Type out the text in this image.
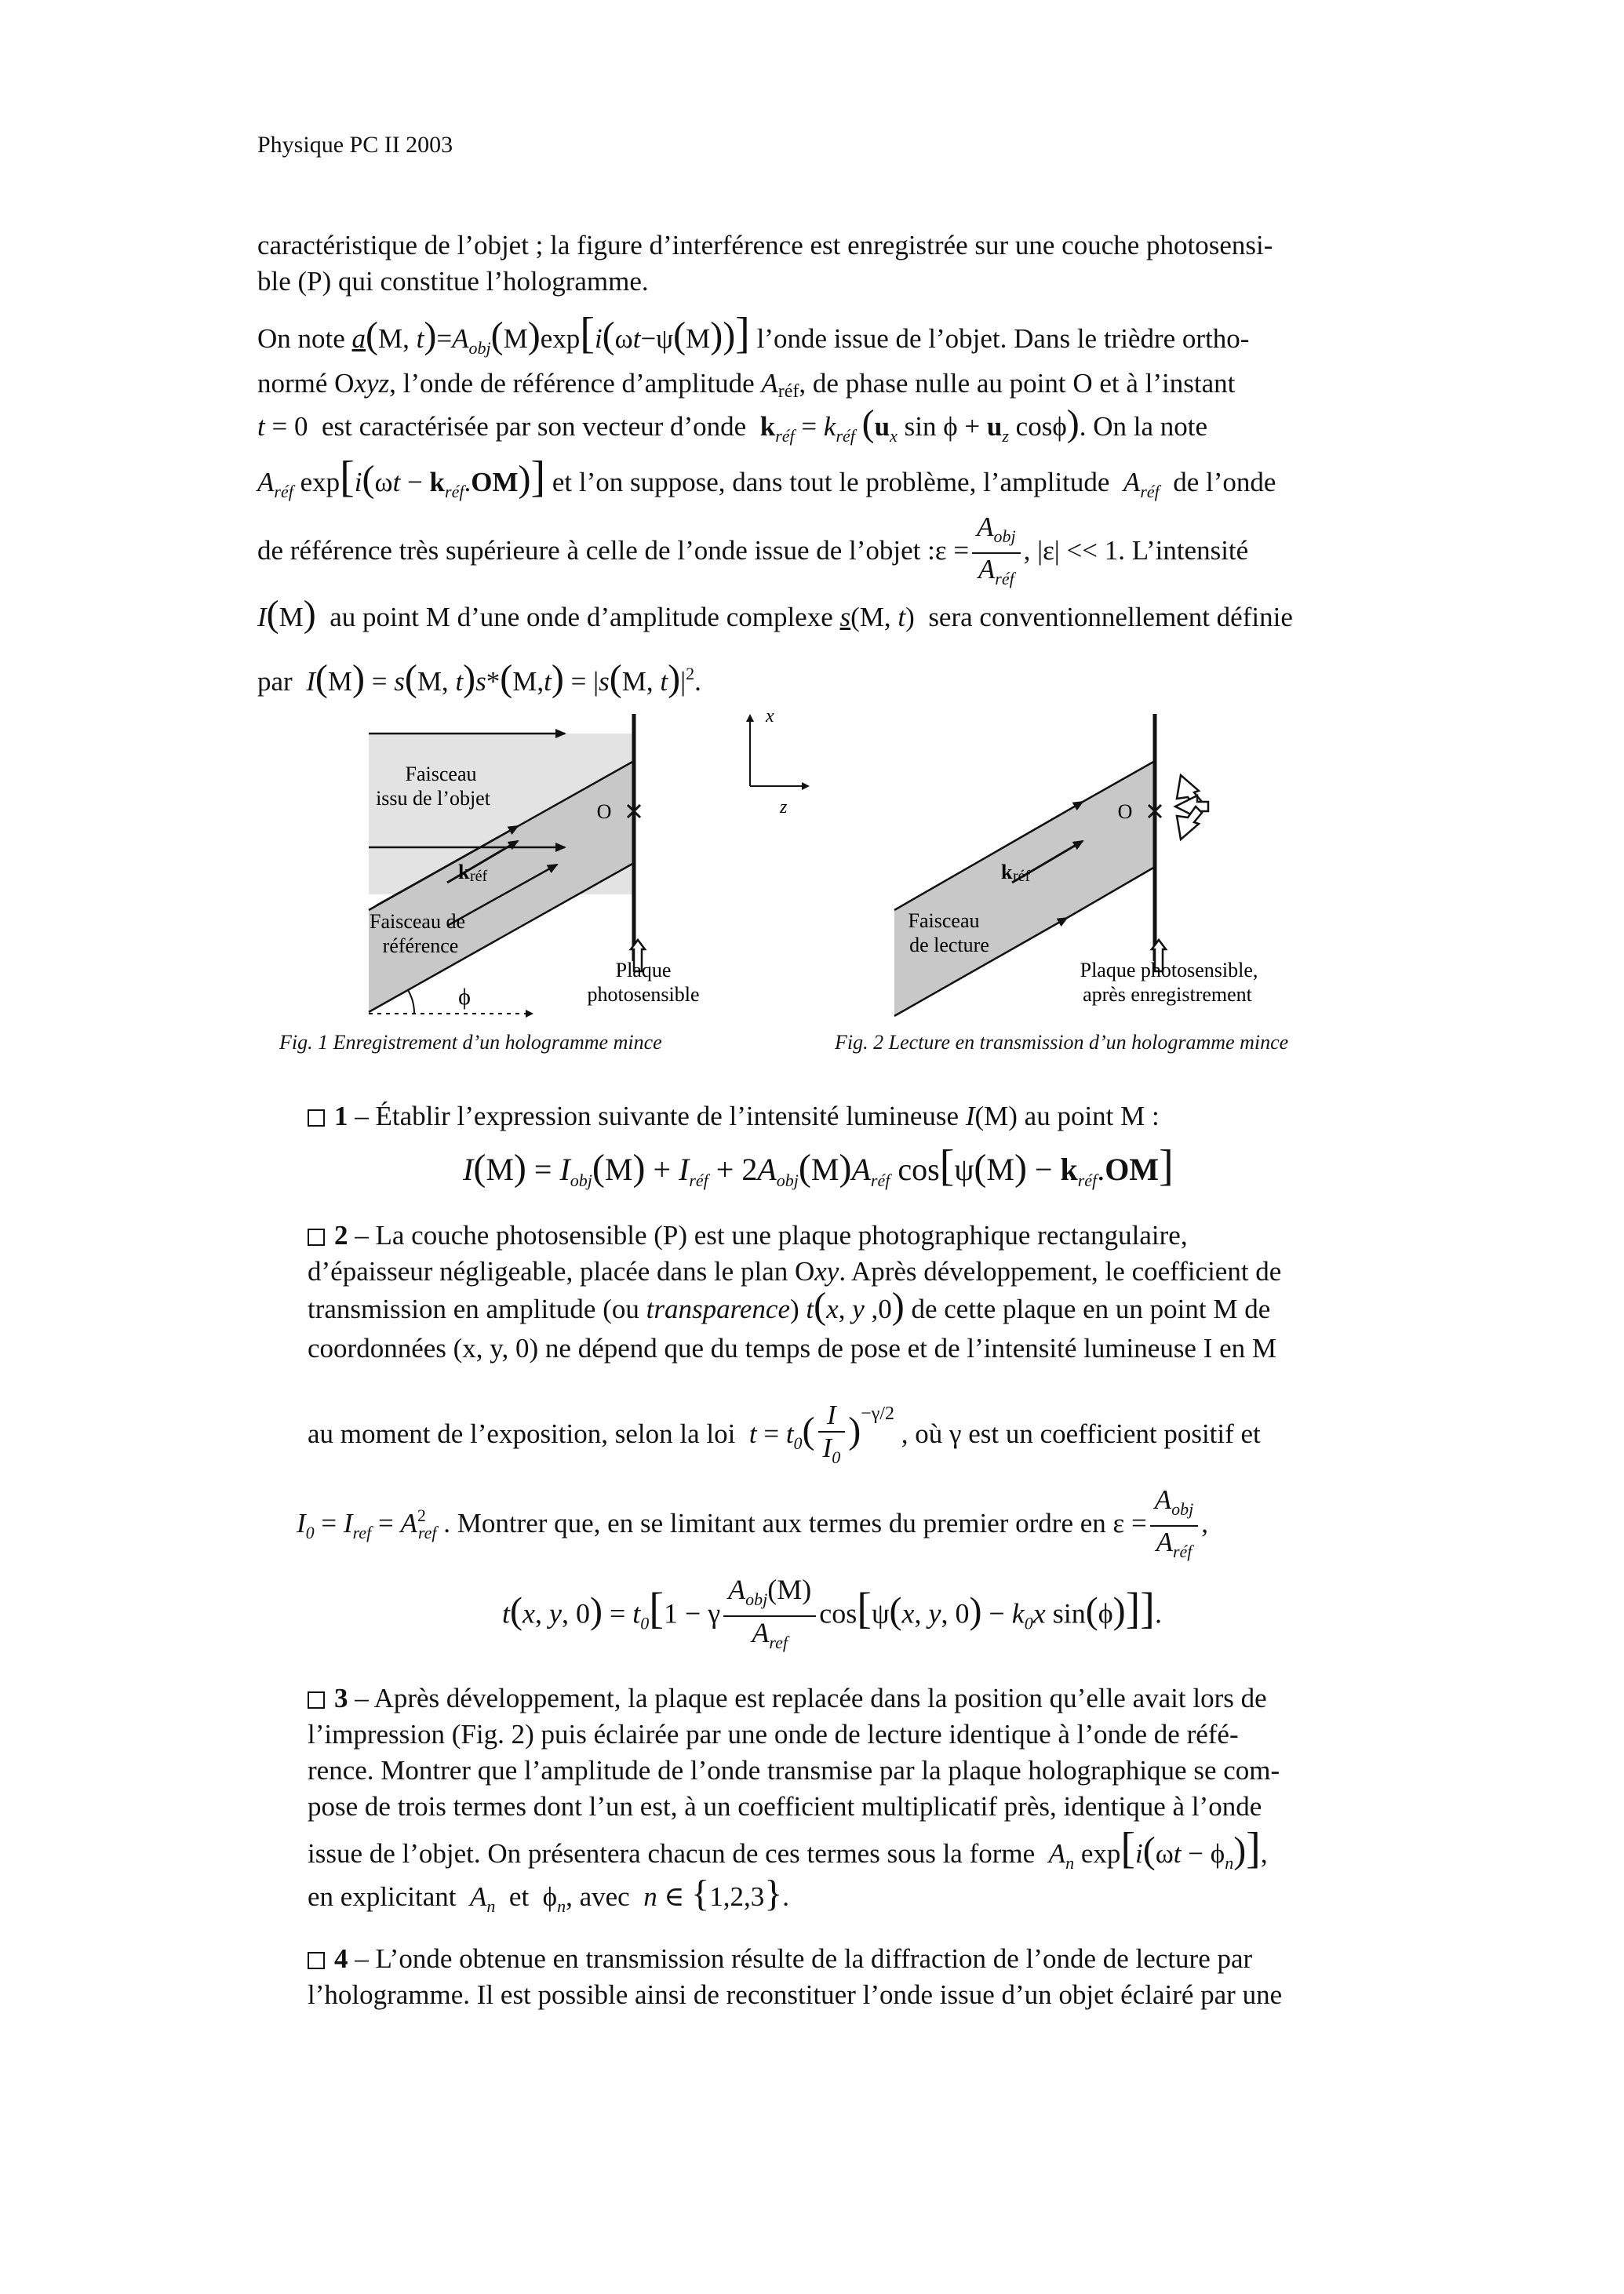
Physique PC II 2003
caractéristique de l’objet ; la figure d’interférence est enregistrée sur une couche photosensi-
ble (P) qui constitue l’hologramme.
On note a(M, $t)=A_{obj}(M)\exp[i(\omega t-\psi(M))]$ l’onde issue de l’objet. Dans le trièdre ortho-
normé Oxyz, l’onde de référence d’amplitude Aréf, de phase nulle au point O et à l’instant
t = 0  est caractérisée par son vecteur d’onde $k_{réf} = k_{réf}$ ($u_x$ $\sin \phi + u_z$ cosϕ). On la note
$A_{réf}$ $\exp[i(\omega t - k_{réf}.OM)]$ et l’on suppose, dans tout le problème, l’amplitude $A_{réf}$ de l’onde
de référence très supérieure à celle de l’onde issue de l’objet :ε = $\frac{A_{obj}}{A_{réf}}$ , |ε| << 1. L’intensité
I(M) au point M d’une onde d’amplitude complexe s(M, t)  sera conventionnellement définie
par I(M) = s(M, t)s*(M,t) = |s(M, $t)|^2$.
Faisceau
issu de l’objet
O
k réf
Faisceau de
référence
ϕ
Plaque
photosensible
x
z	O
k réf
Faisceau
de lecture
Plaque photosensible,
après enregistrement
Fig. 1 Enregistrement d’un hologramme mince	Fig. 2 Lecture en transmission d’un hologramme mince
1 – Établir l’expression suivante de l’intensité lumineuse I(M) au point M :
$I(M) = I_{obj}(M) + I_{réf} + 2A_{obj}(M)A_{réf}$ $\cos[\psi(M) - k_{réf}.OM]$
2 – La couche photosensible (P) est une plaque photographique rectangulaire,
d’épaisseur négligeable, placée dans le plan Oxy. Après développement, le coefficient de
transmission en amplitude (ou transparence) t(x, y ,0) de cette plaque en un point M de
coordonnées (x, y, 0) ne dépend que du temps de pose et de l’intensité lumineuse I en M
au moment de l’exposition, selon la loi $t = t_0( \frac{I}{I_0} )^{-\gamma/2}$ , où γ est un coefficient positif et
$I_0 = I_{ref} = A^2_{ref}$ . Montrer que, en se limitant aux termes du premier ordre en $\varepsilon = \frac{A_{obj}}{A_{réf}}$ ,
t(x, y, $0) = t_0[1 - \gamma \frac{A_{obj}(M)}{A_{ref}} \cos[\psi(x$, y, $0) - k_0x$ sin(ϕ)]].
3 – Après développement, la plaque est replacée dans la position qu’elle avait lors de
l’impression (Fig. 2) puis éclairée par une onde de lecture identique à l’onde de réfé-
rence. Montrer que l’amplitude de l’onde transmise par la plaque holographique se com-
pose de trois termes dont l’un est, à un coefficient multiplicatif près, identique à l’onde
issue de l’objet. On présentera chacun de ces termes sous la forme $A_n$ $\exp[i(\omega t - \phi_n)]$,
en explicitant $A_n$ et  $\phi_n$, avec n ∈ {1,2,3}.
4 – L’onde obtenue en transmission résulte de la diffraction de l’onde de lecture par
l’hologramme. Il est possible ainsi de reconstituer l’onde issue d’un objet éclairé par une
